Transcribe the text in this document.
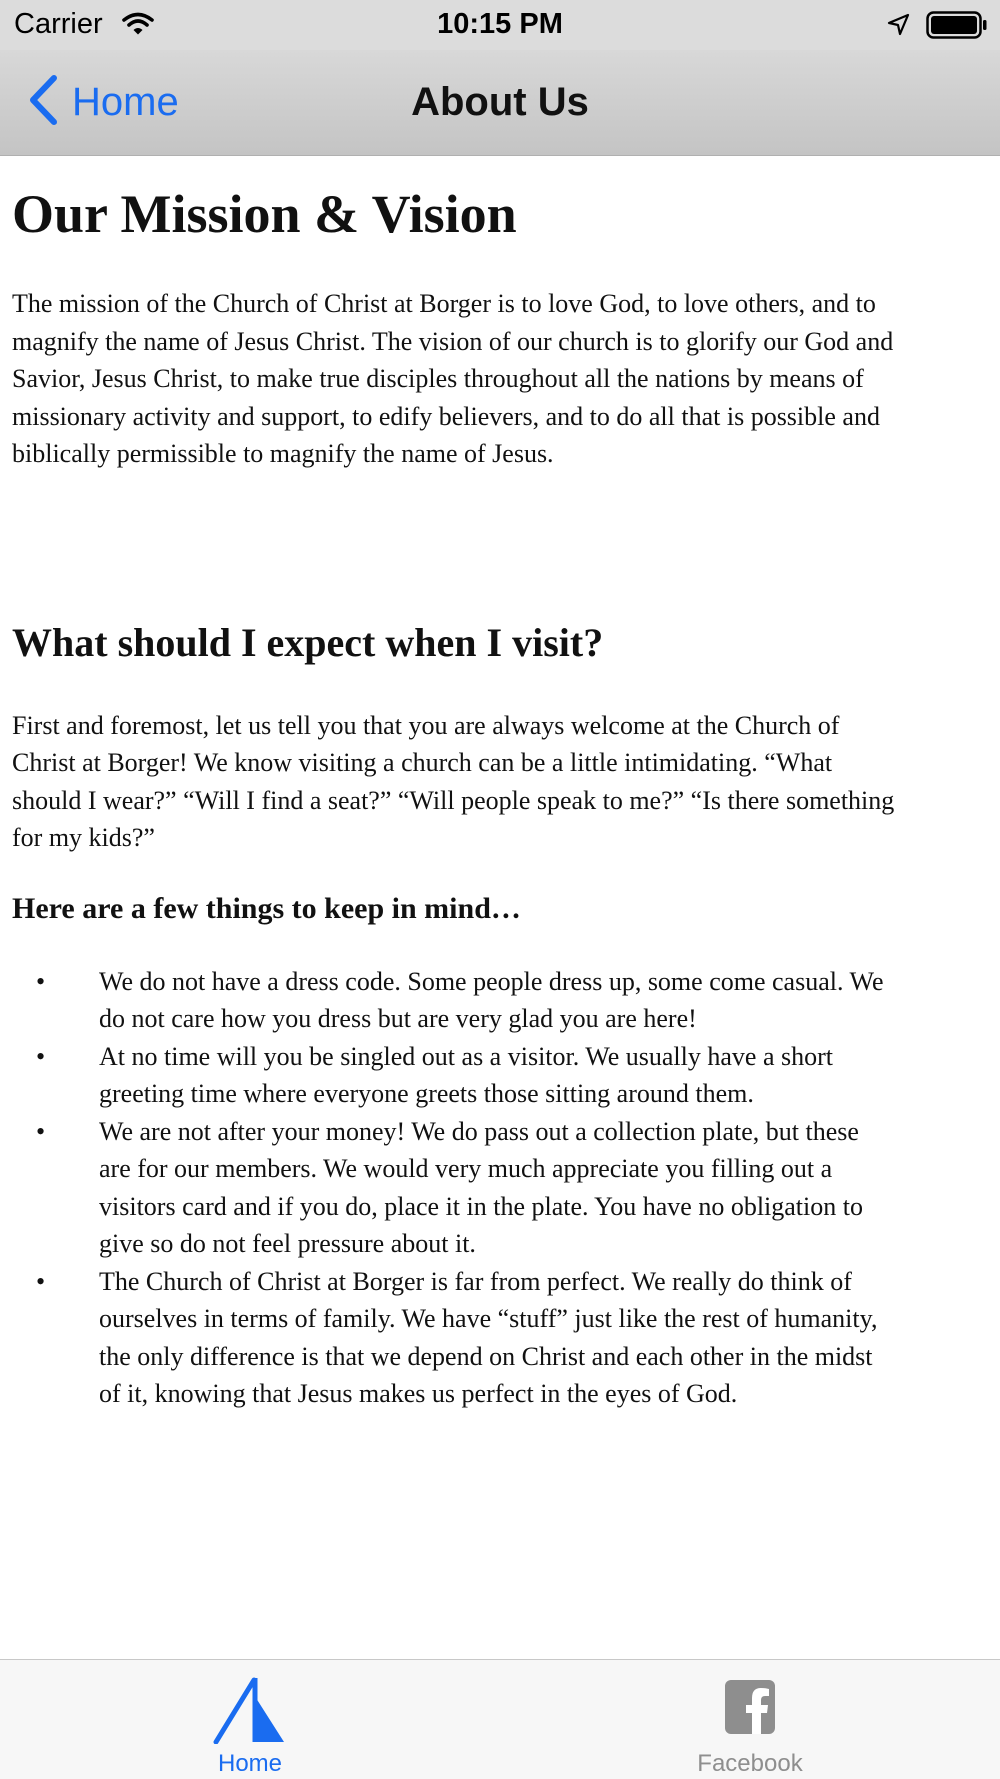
Carrier	10:15 PM
Home	About Us
Our Mission & Vision

The mission of the Church of Christ at Borger is to love God, to love others, and to magnify the name of Jesus Christ. The vision of our church is to glorify our God and Savior, Jesus Christ, to make true disciples throughout all the nations by means of missionary activity and support, to edify believers, and to do all that is possible and biblically permissible to magnify the name of Jesus.

What should I expect when I visit?

First and foremost, let us tell you that you are always welcome at the Church of Christ at Borger! We know visiting a church can be a little intimidating. “What should I wear?” “Will I find a seat?” “Will people speak to me?” “Is there something for my kids?”

Here are a few things to keep in mind…
• We do not have a dress code. Some people dress up, some come casual. We do not care how you dress but are very glad you are here!
• At no time will you be singled out as a visitor. We usually have a short greeting time where everyone greets those sitting around them.
• We are not after your money! We do pass out a collection plate, but these are for our members. We would very much appreciate you filling out a visitors card and if you do, place it in the plate. You have no obligation to give so do not feel pressure about it.
• The Church of Christ at Borger is far from perfect. We really do think of ourselves in terms of family. We have “stuff” just like the rest of humanity, the only difference is that we depend on Christ and each other in the midst of it, knowing that Jesus makes us perfect in the eyes of God.
Home	Facebook
